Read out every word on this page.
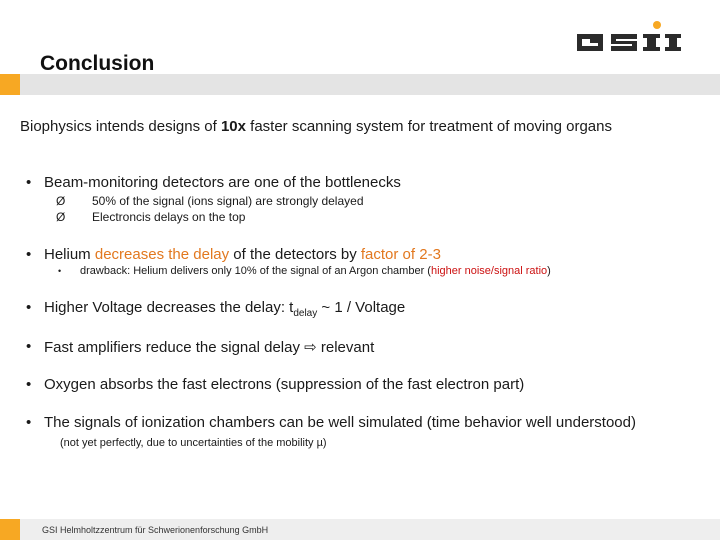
Conclusion
Biophysics intends designs of 10x faster scanning system for treatment of moving organs
• Beam-monitoring detectors are one of the bottlenecks
Ø 50% of the signal (ions signal) are strongly delayed
Ø Electroncis delays on the top
• Helium decreases the delay of the detectors by factor of 2-3
• drawback: Helium delivers only 10% of the signal of an Argon chamber (higher noise/signal ratio)
• Higher Voltage decreases the delay: $t_{delay}$ ~ 1 / Voltage
• Fast amplifiers reduce the signal delay ⇨ relevant
• Oxygen absorbs the fast electrons (suppression of the fast electron part)
• The signals of ionization chambers can be well simulated (time behavior well understood)
(not yet perfectly, due to uncertainties of the mobility µ)
GSI Helmholtzzentrum für Schwerionenforschung GmbH
